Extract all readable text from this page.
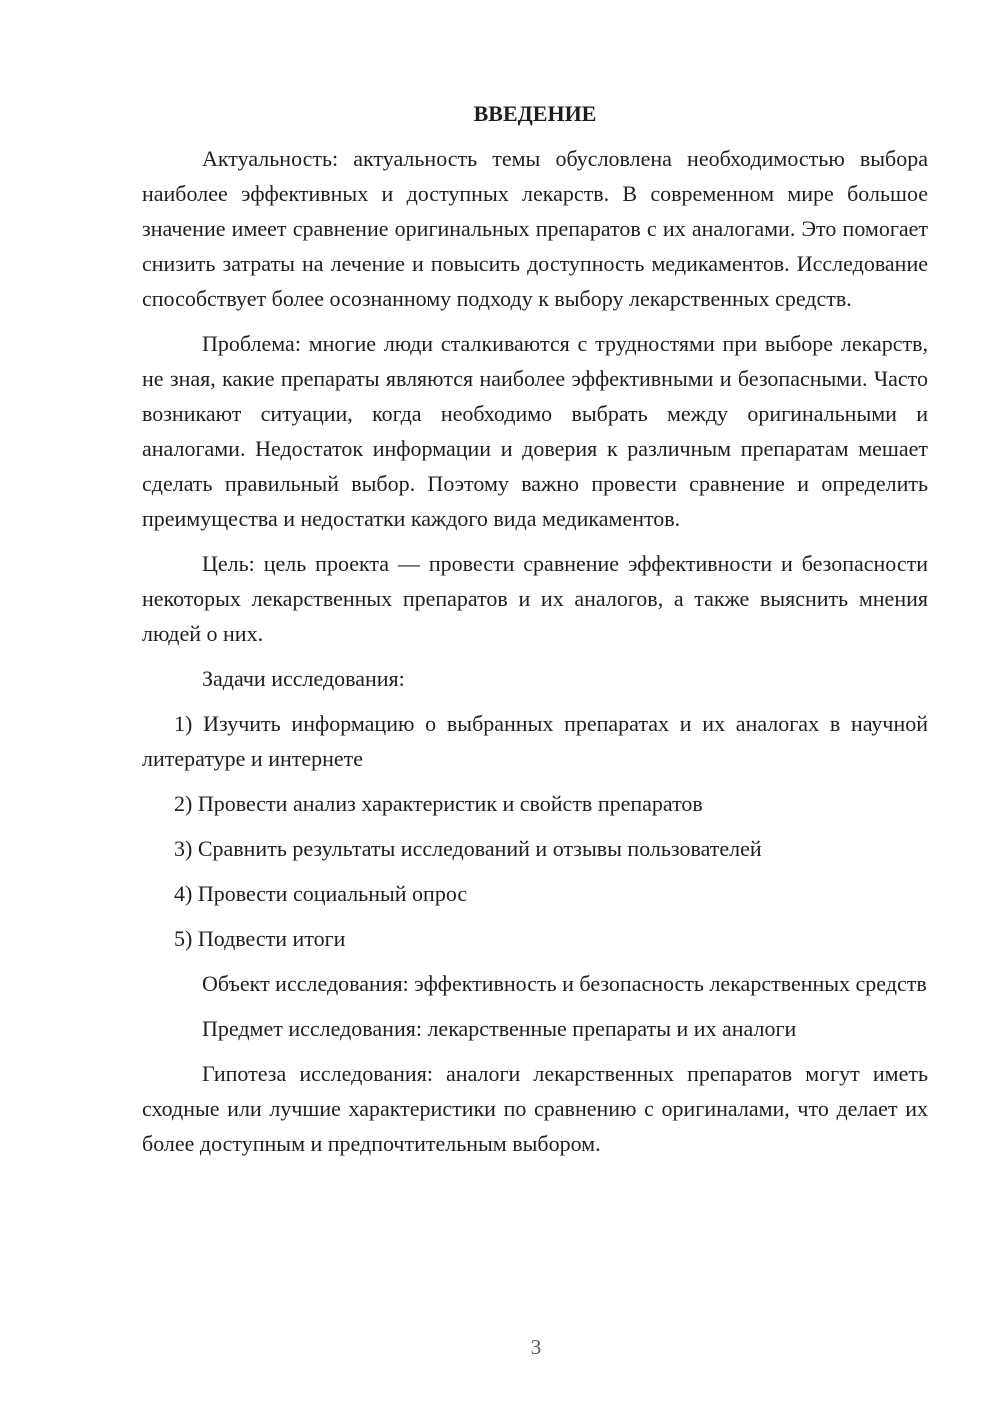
ВВЕДЕНИЕ

Актуальность: актуальность темы обусловлена необходимостью выбора наиболее эффективных и доступных лекарств. В современном мире большое значение имеет сравнение оригинальных препаратов с их аналогами. Это помогает снизить затраты на лечение и повысить доступность медикаментов. Исследование способствует более осознанному подходу к выбору лекарственных средств.

Проблема: многие люди сталкиваются с трудностями при выборе лекарств, не зная, какие препараты являются наиболее эффективными и безопасными. Часто возникают ситуации, когда необходимо выбрать между оригинальными и аналогами. Недостаток информации и доверия к различным препаратам мешает сделать правильный выбор. Поэтому важно провести сравнение и определить преимущества и недостатки каждого вида медикаментов.

Цель: цель проекта — провести сравнение эффективности и безопасности некоторых лекарственных препаратов и их аналогов, а также выяснить мнения людей о них.

Задачи исследования:

1) Изучить информацию о выбранных препаратах и их аналогах в научной литературе и интернете

2) Провести анализ характеристик и свойств препаратов

3) Сравнить результаты исследований и отзывы пользователей

4) Провести социальный опрос

5) Подвести итоги

Объект исследования: эффективность и безопасность лекарственных средств

Предмет исследования: лекарственные препараты и их аналоги

Гипотеза исследования: аналоги лекарственных препаратов могут иметь сходные или лучшие характеристики по сравнению с оригиналами, что делает их более доступным и предпочтительным выбором.

3
